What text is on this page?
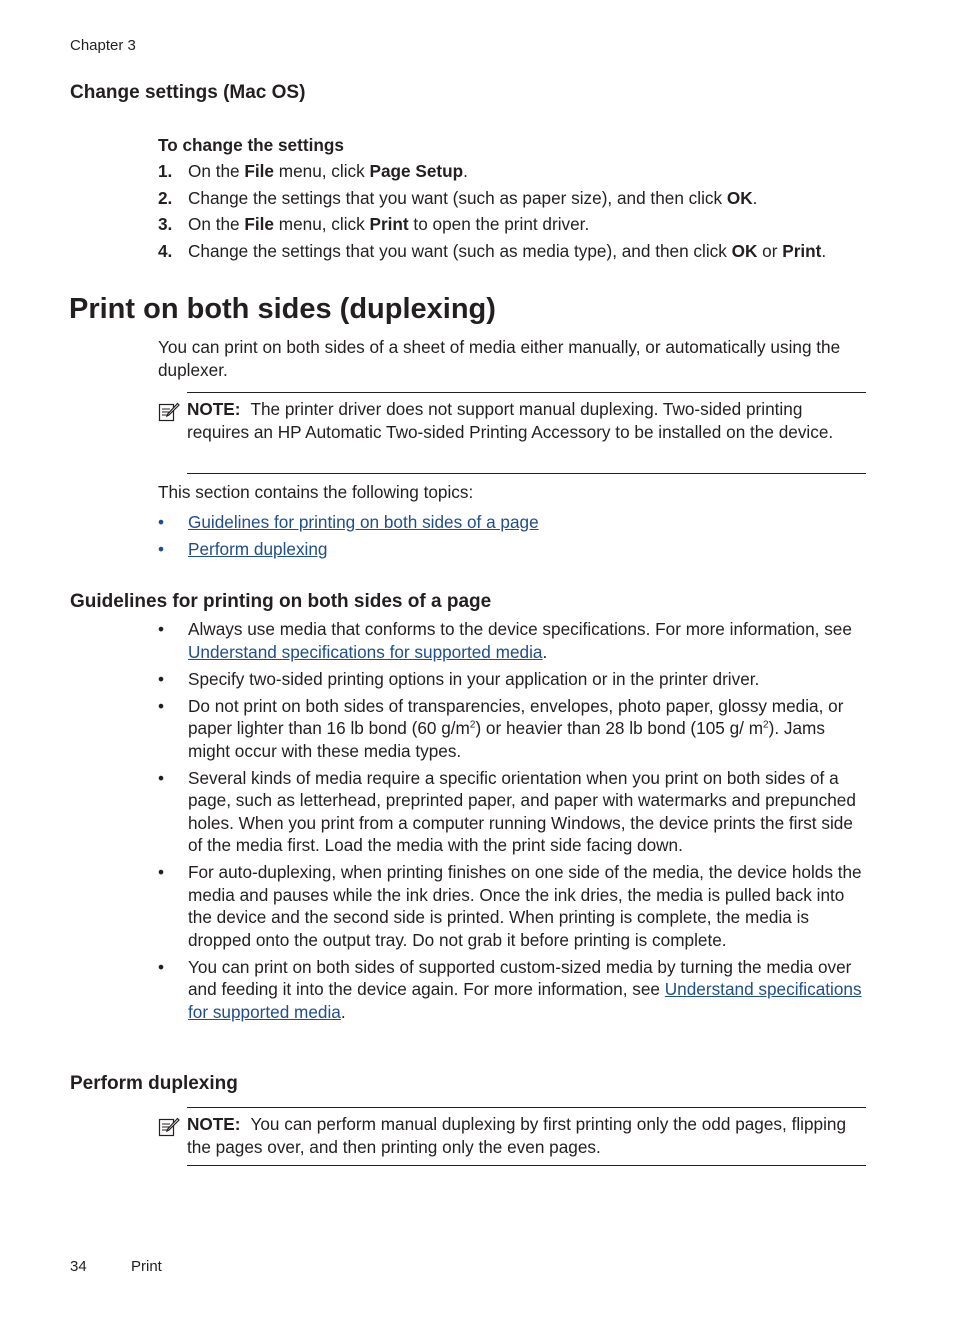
Chapter 3
Change settings (Mac OS)
To change the settings
1. On the File menu, click Page Setup.
2. Change the settings that you want (such as paper size), and then click OK.
3. On the File menu, click Print to open the print driver.
4. Change the settings that you want (such as media type), and then click OK or Print.
Print on both sides (duplexing)
You can print on both sides of a sheet of media either manually, or automatically using the duplexer.
NOTE: The printer driver does not support manual duplexing. Two-sided printing requires an HP Automatic Two-sided Printing Accessory to be installed on the device.
This section contains the following topics:
• Guidelines for printing on both sides of a page
• Perform duplexing
Guidelines for printing on both sides of a page
• Always use media that conforms to the device specifications. For more information, see Understand specifications for supported media.
• Specify two-sided printing options in your application or in the printer driver.
• Do not print on both sides of transparencies, envelopes, photo paper, glossy media, or paper lighter than 16 lb bond (60 $g/m^2$) or heavier than 28 lb bond (105 g/ $m^2$). Jams might occur with these media types.
• Several kinds of media require a specific orientation when you print on both sides of a page, such as letterhead, preprinted paper, and paper with watermarks and prepunched holes. When you print from a computer running Windows, the device prints the first side of the media first. Load the media with the print side facing down.
• For auto-duplexing, when printing finishes on one side of the media, the device holds the media and pauses while the ink dries. Once the ink dries, the media is pulled back into the device and the second side is printed. When printing is complete, the media is dropped onto the output tray. Do not grab it before printing is complete.
• You can print on both sides of supported custom-sized media by turning the media over and feeding it into the device again. For more information, see Understand specifications for supported media.
Perform duplexing
NOTE: You can perform manual duplexing by first printing only the odd pages, flipping the pages over, and then printing only the even pages.
34	Print
